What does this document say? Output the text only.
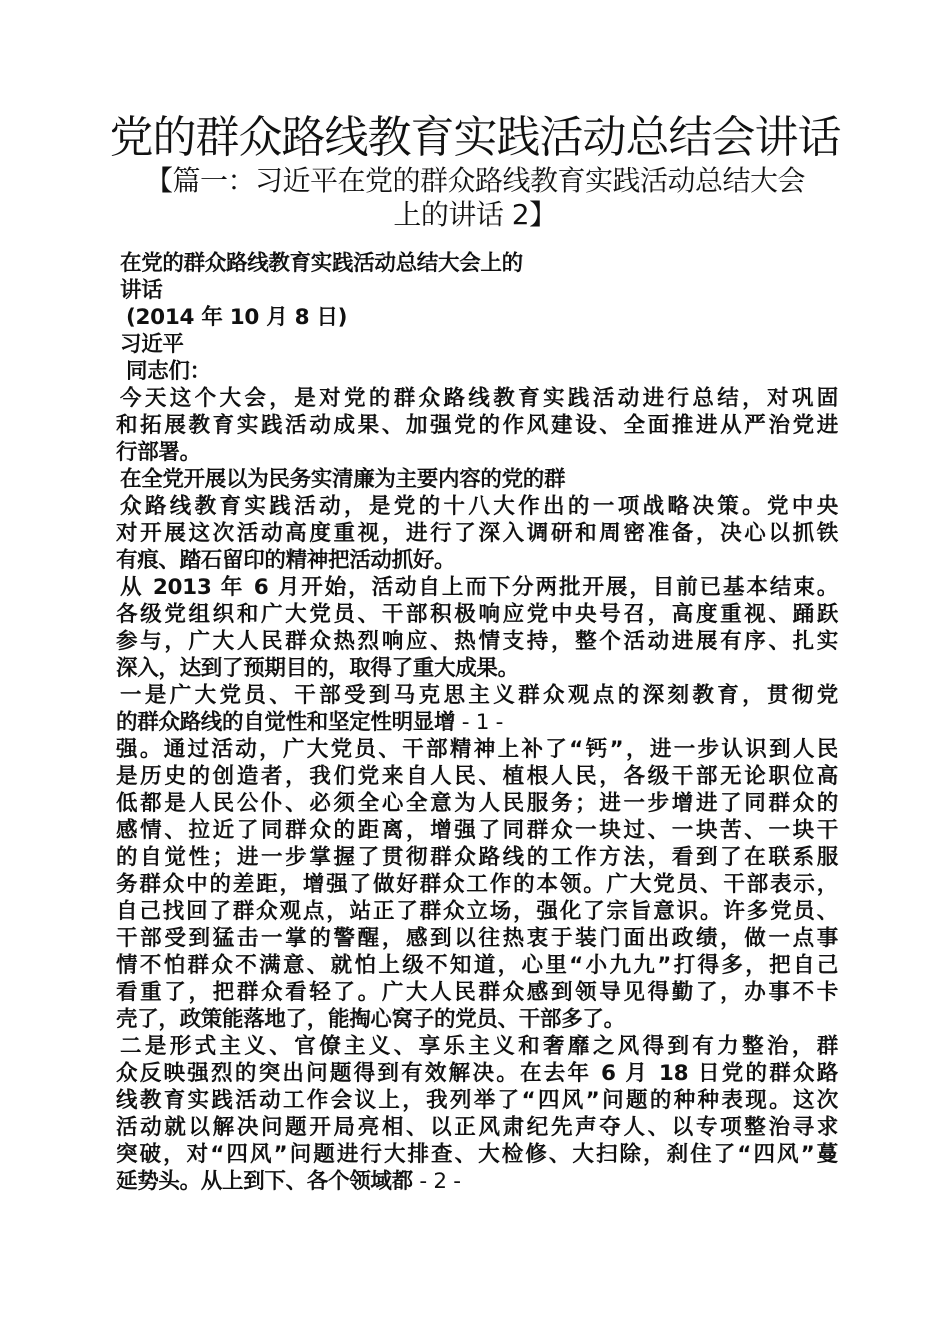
党的群众路线教育实践活动总结会讲话
【篇一：习近平在党的群众路线教育实践活动总结大会
上的讲话 2】
在党的群众路线教育实践活动总结大会上的
讲话
(2014 年 10 月 8 日)
习近平
同志们：
今天这个大会，是对党的群众路线教育实践活动进行总结，对巩固
和拓展教育实践活动成果、加强党的作风建设、全面推进从严治党进
行部署。
在全党开展以为民务实清廉为主要内容的党的群
众路线教育实践活动，是党的十八大作出的一项战略决策。党中央
对开展这次活动高度重视，进行了深入调研和周密准备，决心以抓铁
有痕、踏石留印的精神把活动抓好。
从 2013 年 6 月开始，活动自上而下分两批开展，目前已基本结束。
各级党组织和广大党员、干部积极响应党中央号召，高度重视、踊跃
参与，广大人民群众热烈响应、热情支持，整个活动进展有序、扎实
深入，达到了预期目的，取得了重大成果。
一是广大党员、干部受到马克思主义群众观点的深刻教育，贯彻党
的群众路线的自觉性和坚定性明显增 - 1 -
强。通过活动，广大党员、干部精神上补了“钙”，进一步认识到人民
是历史的创造者，我们党来自人民、植根人民，各级干部无论职位高
低都是人民公仆、必须全心全意为人民服务；进一步增进了同群众的
感情、拉近了同群众的距离，增强了同群众一块过、一块苦、一块干
的自觉性；进一步掌握了贯彻群众路线的工作方法，看到了在联系服
务群众中的差距，增强了做好群众工作的本领。广大党员、干部表示，
自己找回了群众观点，站正了群众立场，强化了宗旨意识。许多党员、
干部受到猛击一掌的警醒，感到以往热衷于装门面出政绩，做一点事
情不怕群众不满意、就怕上级不知道，心里“小九九”打得多，把自己
看重了，把群众看轻了。广大人民群众感到领导见得勤了，办事不卡
壳了，政策能落地了，能掏心窝子的党员、干部多了。
二是形式主义、官僚主义、享乐主义和奢靡之风得到有力整治，群
众反映强烈的突出问题得到有效解决。在去年 6 月 18 日党的群众路
线教育实践活动工作会议上，我列举了“四风”问题的种种表现。这次
活动就以解决问题开局亮相、以正风肃纪先声夺人、以专项整治寻求
突破，对“四风”问题进行大排查、大检修、大扫除，刹住了“四风”蔓
延势头。从上到下、各个领域都 - 2 -
